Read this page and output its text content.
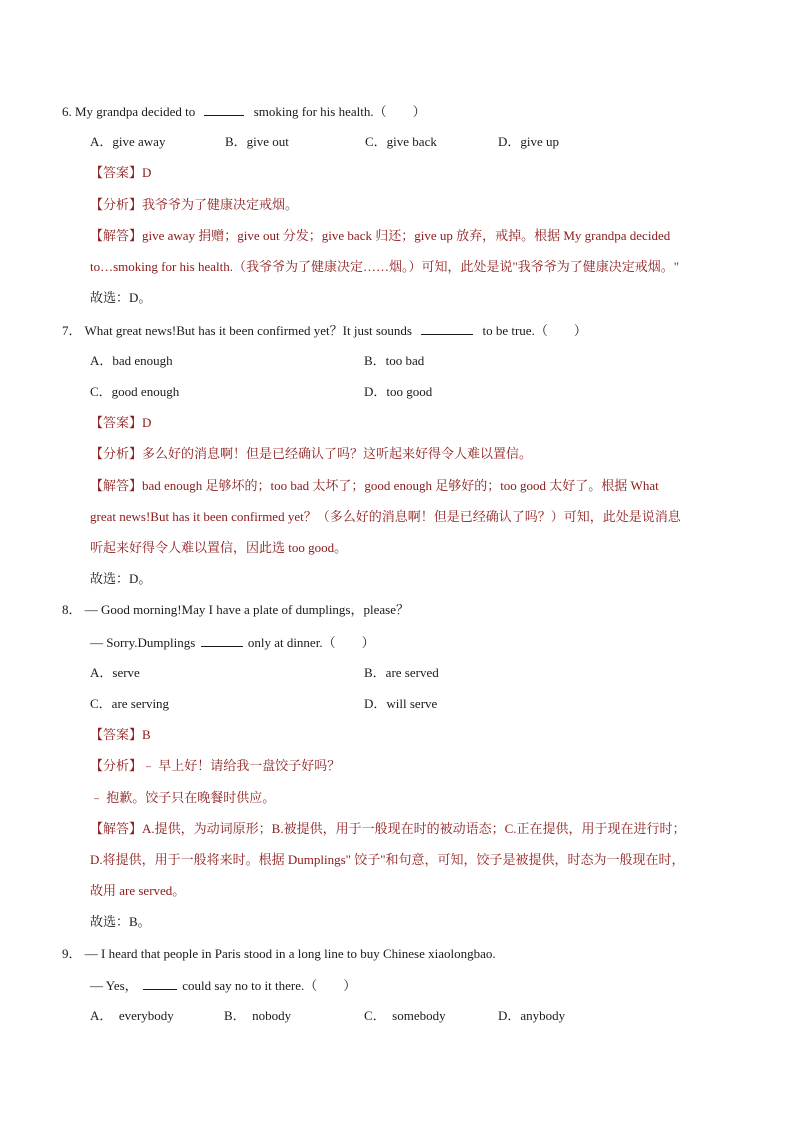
6. My grandpa decided to	smoking for his health.（　　）
A．give away	B．give out	C．give back	D．give up
【答案】D
【分析】我爷爷为了健康决定戒烟。
【解答】give away 捐赠；give out 分发；give back 归还；give up 放弃，戒掉。根据 My grandpa decided
to…smoking for his health.（我爷爷为了健康决定……烟。）可知，此处是说"我爷爷为了健康决定戒烟。"
故选：D。
7． What great news!But has it been confirmed yet？It just sounds	to be true.（　　）
A．bad enough	B．too bad
C．good enough	D．too good
【答案】D
【分析】多么好的消息啊！但是已经确认了吗？这听起来好得令人难以置信。
【解答】bad enough 足够坏的；too bad 太坏了；good enough 足够好的；too good 太好了。根据 What
great news!But has it been confirmed yet？（多么好的消息啊！但是已经确认了吗？）可知，此处是说消息
听起来好得令人难以置信，因此选 too good。
故选：D。
8． — Good morning!May I have a plate of dumplings，please？
— Sorry.Dumplings	only at dinner.（　　）
A．serve	B．are served
C．are serving	D．will serve
【答案】B
【分析】﹣ 早上好！请给我一盘饺子好吗？
﹣ 抱歉。饺子只在晚餐时供应。
【解答】A.提供，为动词原形；B.被提供，用于一般现在时的被动语态；C.正在提供，用于现在进行时；
D.将提供，用于一般将来时。根据 Dumplings" 饺子"和句意，可知，饺子是被提供，时态为一般现在时，
故用 are served。
故选：B。
9． — I heard that people in Paris stood in a long line to buy Chinese xiaolongbao.
— Yes，	could say no to it there.（　　）
A．　everybody	B．　nobody	C．　somebody	D．anybody
